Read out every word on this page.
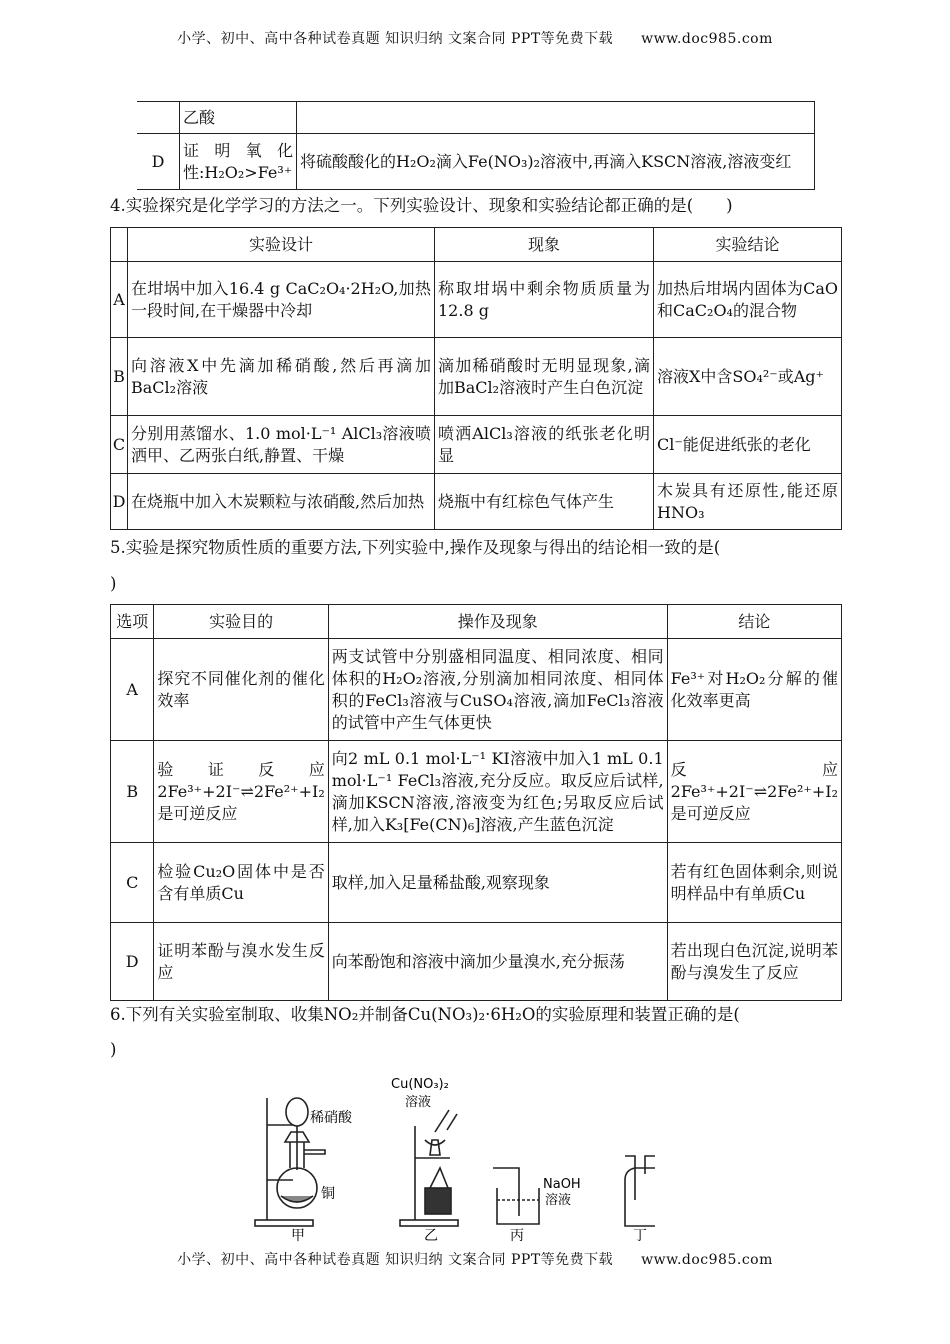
小学、初中、高中各种试卷真题 知识归纳 文案合同 PPT等免费下载 www.doc985.com
	乙酸	
D	证明氧化性:H₂O₂>Fe³⁺	将硫酸酸化的H₂O₂滴入Fe(NO₃)₂溶液中,再滴入KSCN溶液,溶液变红
4.实验探究是化学学习的方法之一。下列实验设计、现象和实验结论都正确的是(　　)
	实验设计	现象	实验结论
A	在坩埚中加入16.4 g CaC₂O₄·2H₂O,加热一段时间,在干燥器中冷却	称取坩埚中剩余物质质量为12.8 g	加热后坩埚内固体为CaO和CaC₂O₄的混合物
B	向溶液X中先滴加稀硝酸,然后再滴加BaCl₂溶液	滴加稀硝酸时无明显现象,滴加BaCl₂溶液时产生白色沉淀	溶液X中含SO₄²⁻或Ag⁺
C	分别用蒸馏水、1.0 mol·L⁻¹ AlCl₃溶液喷洒甲、乙两张白纸,静置、干燥	喷洒AlCl₃溶液的纸张老化明显	Cl⁻能促进纸张的老化
D	在烧瓶中加入木炭颗粒与浓硝酸,然后加热	烧瓶中有红棕色气体产生	木炭具有还原性,能还原HNO₃
5.实验是探究物质性质的重要方法,下列实验中,操作及现象与得出的结论相一致的是(
)
选项	实验目的	操作及现象	结论
A	探究不同催化剂的催化效率	两支试管中分别盛相同温度、相同浓度、相同体积的H₂O₂溶液,分别滴加相同浓度、相同体积的FeCl₃溶液与CuSO₄溶液,滴加FeCl₃溶液的试管中产生气体更快	Fe³⁺对H₂O₂分解的催化效率更高
B	验证反应2Fe³⁺+2I⁻⇌2Fe²⁺+I₂是可逆反应	向2 mL 0.1 mol·L⁻¹ KI溶液中加入1 mL 0.1 mol·L⁻¹ FeCl₃溶液,充分反应。取反应后试样,滴加KSCN溶液,溶液变为红色;另取反应后试样,加入K₃[Fe(CN)₆]溶液,产生蓝色沉淀	反应2Fe³⁺+2I⁻⇌2Fe²⁺+I₂是可逆反应
C	检验Cu₂O固体中是否含有单质Cu	取样,加入足量稀盐酸,观察现象	若有红色固体剩余,则说明样品中有单质Cu
D	证明苯酚与溴水发生反应	向苯酚饱和溶液中滴加少量溴水,充分振荡	若出现白色沉淀,说明苯酚与溴发生了反应
6.下列有关实验室制取、收集NO₂并制备Cu(NO₃)₂·6H₂O的实验原理和装置正确的是(
)
稀硝酸
铜
Cu(NO₃)₂
溶液
NaOH
溶液
甲	乙	丙	丁
小学、初中、高中各种试卷真题 知识归纳 文案合同 PPT等免费下载 www.doc985.com
